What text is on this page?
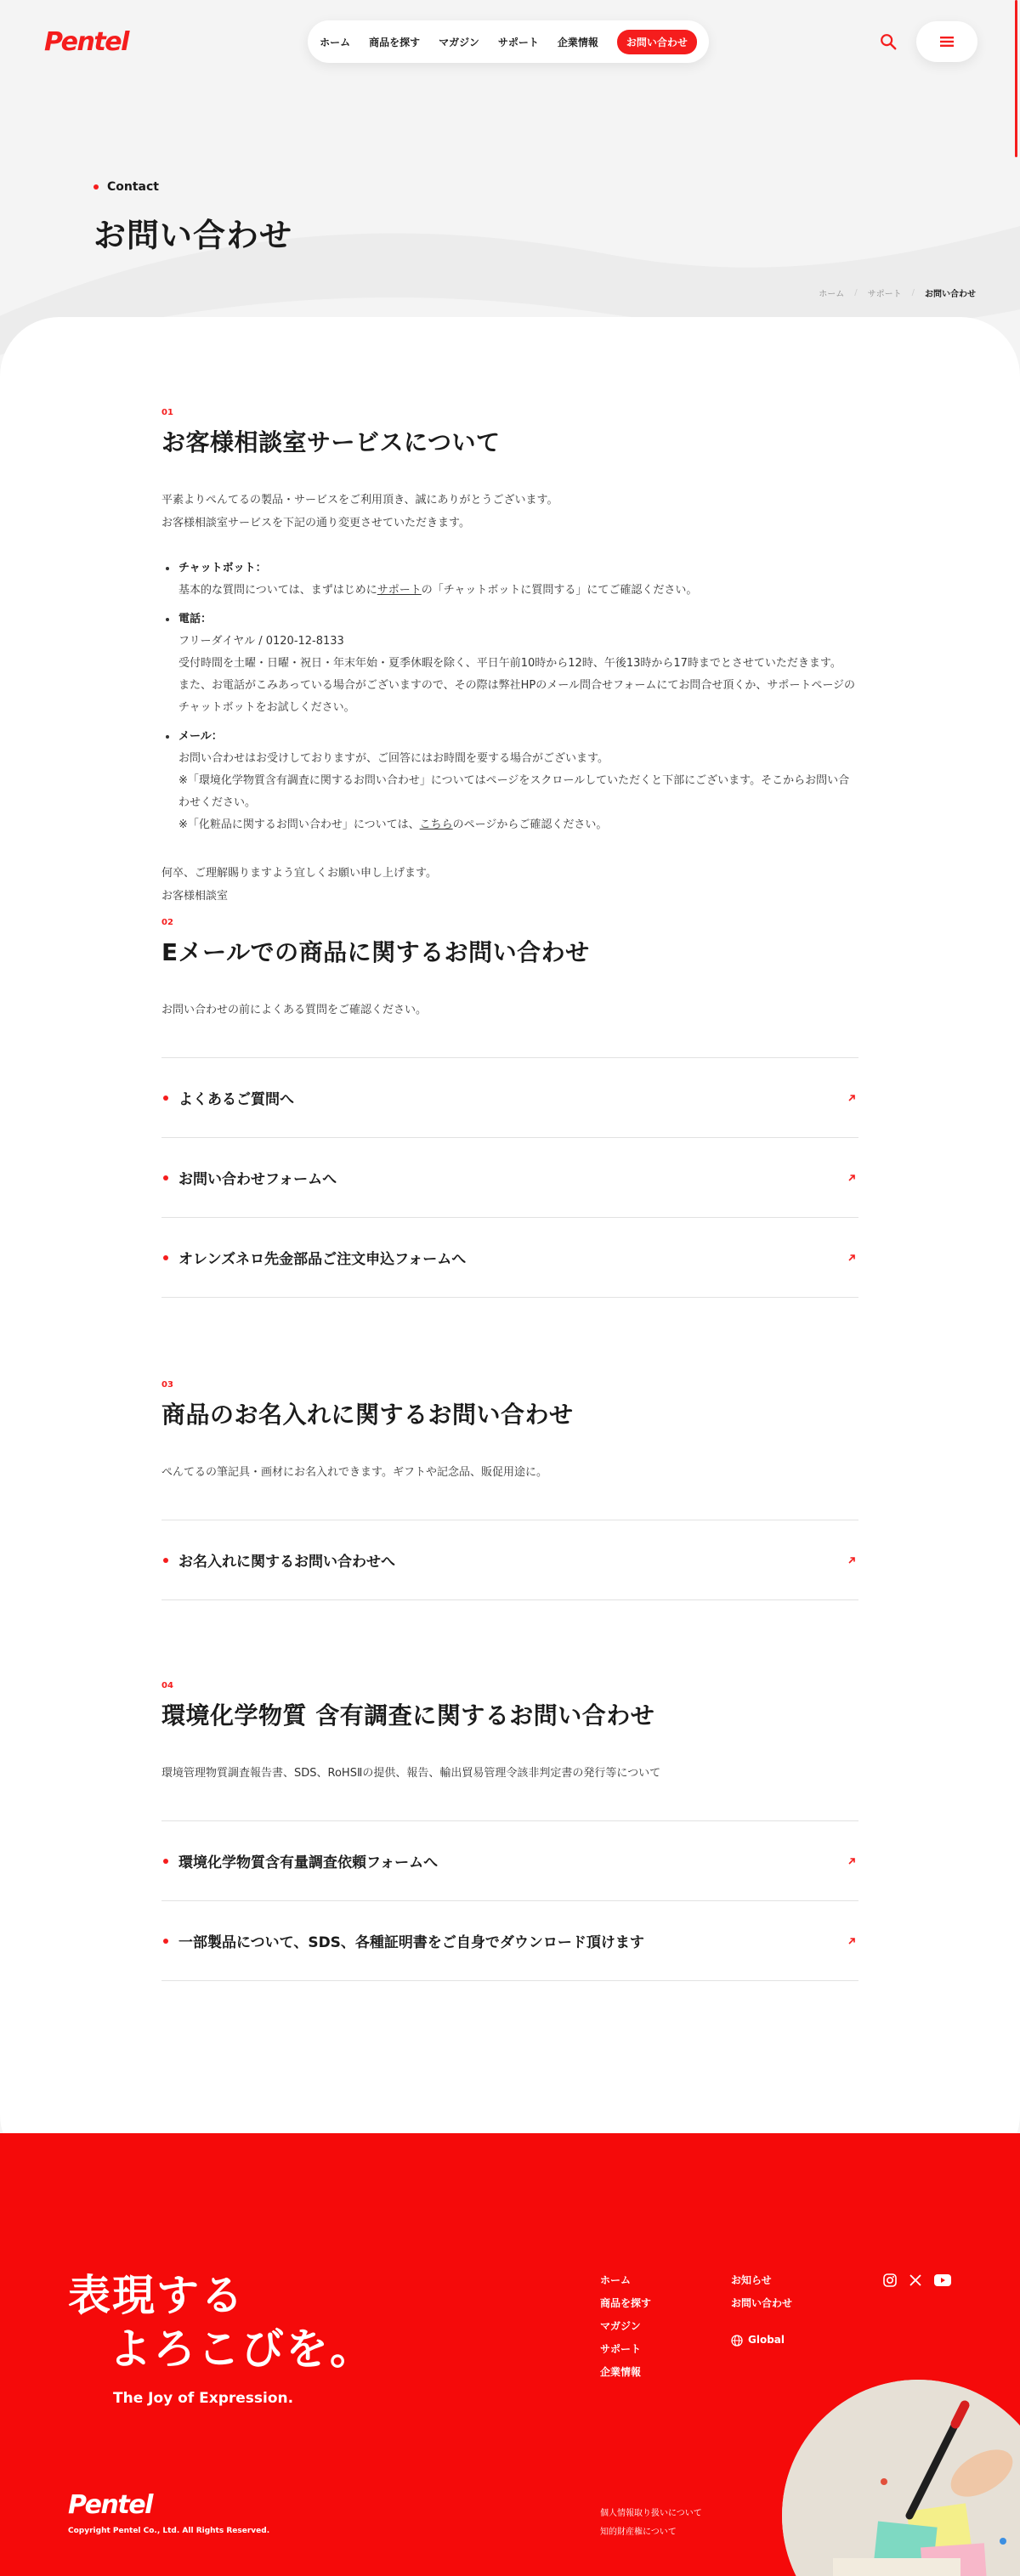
Pentel	ホーム 商品を探す マガジン サポート 企業情報	お問い合わせ
Contact
お問い合わせ
ホーム / サポート / お問い合わせ
01
お客様相談室サービスについて
平素よりぺんてるの製品・サービスをご利用頂き、誠にありがとうございます。
お客様相談室サービスを下記の通り変更させていただきます。
チャットボット：
基本的な質問については、まずはじめにサポートの「チャットボットに質問する」にてご確認ください。
電話：
フリーダイヤル / 0120-12-8133
受付時間を土曜・日曜・祝日・年末年始・夏季休暇を除く、平日午前10時から12時、午後13時から17時までとさせていただきます。
また、お電話がこみあっている場合がございますので、その際は弊社HPのメール問合せフォームにてお問合せ頂くか、サポートページのチャットボットをお試しください。
メール：
お問い合わせはお受けしておりますが、ご回答にはお時間を要する場合がございます。
※「環境化学物質含有調査に関するお問い合わせ」についてはページをスクロールしていただくと下部にございます。そこからお問い合わせください。
※「化粧品に関するお問い合わせ」については、こちらのページからご確認ください。
何卒、ご理解賜りますよう宜しくお願い申し上げます。
お客様相談室
02
Eメールでの商品に関するお問い合わせ
お問い合わせの前によくある質問をご確認ください。
よくあるご質問へ
お問い合わせフォームへ
オレンズネロ先金部品ご注文申込フォームへ
03
商品のお名入れに関するお問い合わせ
ぺんてるの筆記具・画材にお名入れできます。ギフトや記念品、販促用途に。
お名入れに関するお問い合わせへ
04
環境化学物質 含有調査に関するお問い合わせ
環境管理物質調査報告書、SDS、RoHSⅡの提供、報告、輸出貿易管理令該非判定書の発行等について
環境化学物質含有量調査依頼フォームへ
一部製品について、SDS、各種証明書をご自身でダウンロード頂けます
表現する
よろこびを。
The Joy of Expression.
Pentel
Copyright Pentel Co., Ltd. All Rights Reserved.
ホーム
商品を探す
マガジン
サポート
企業情報
お知らせ
お問い合わせ
Global
個人情報取り扱いについて
知的財産権について
